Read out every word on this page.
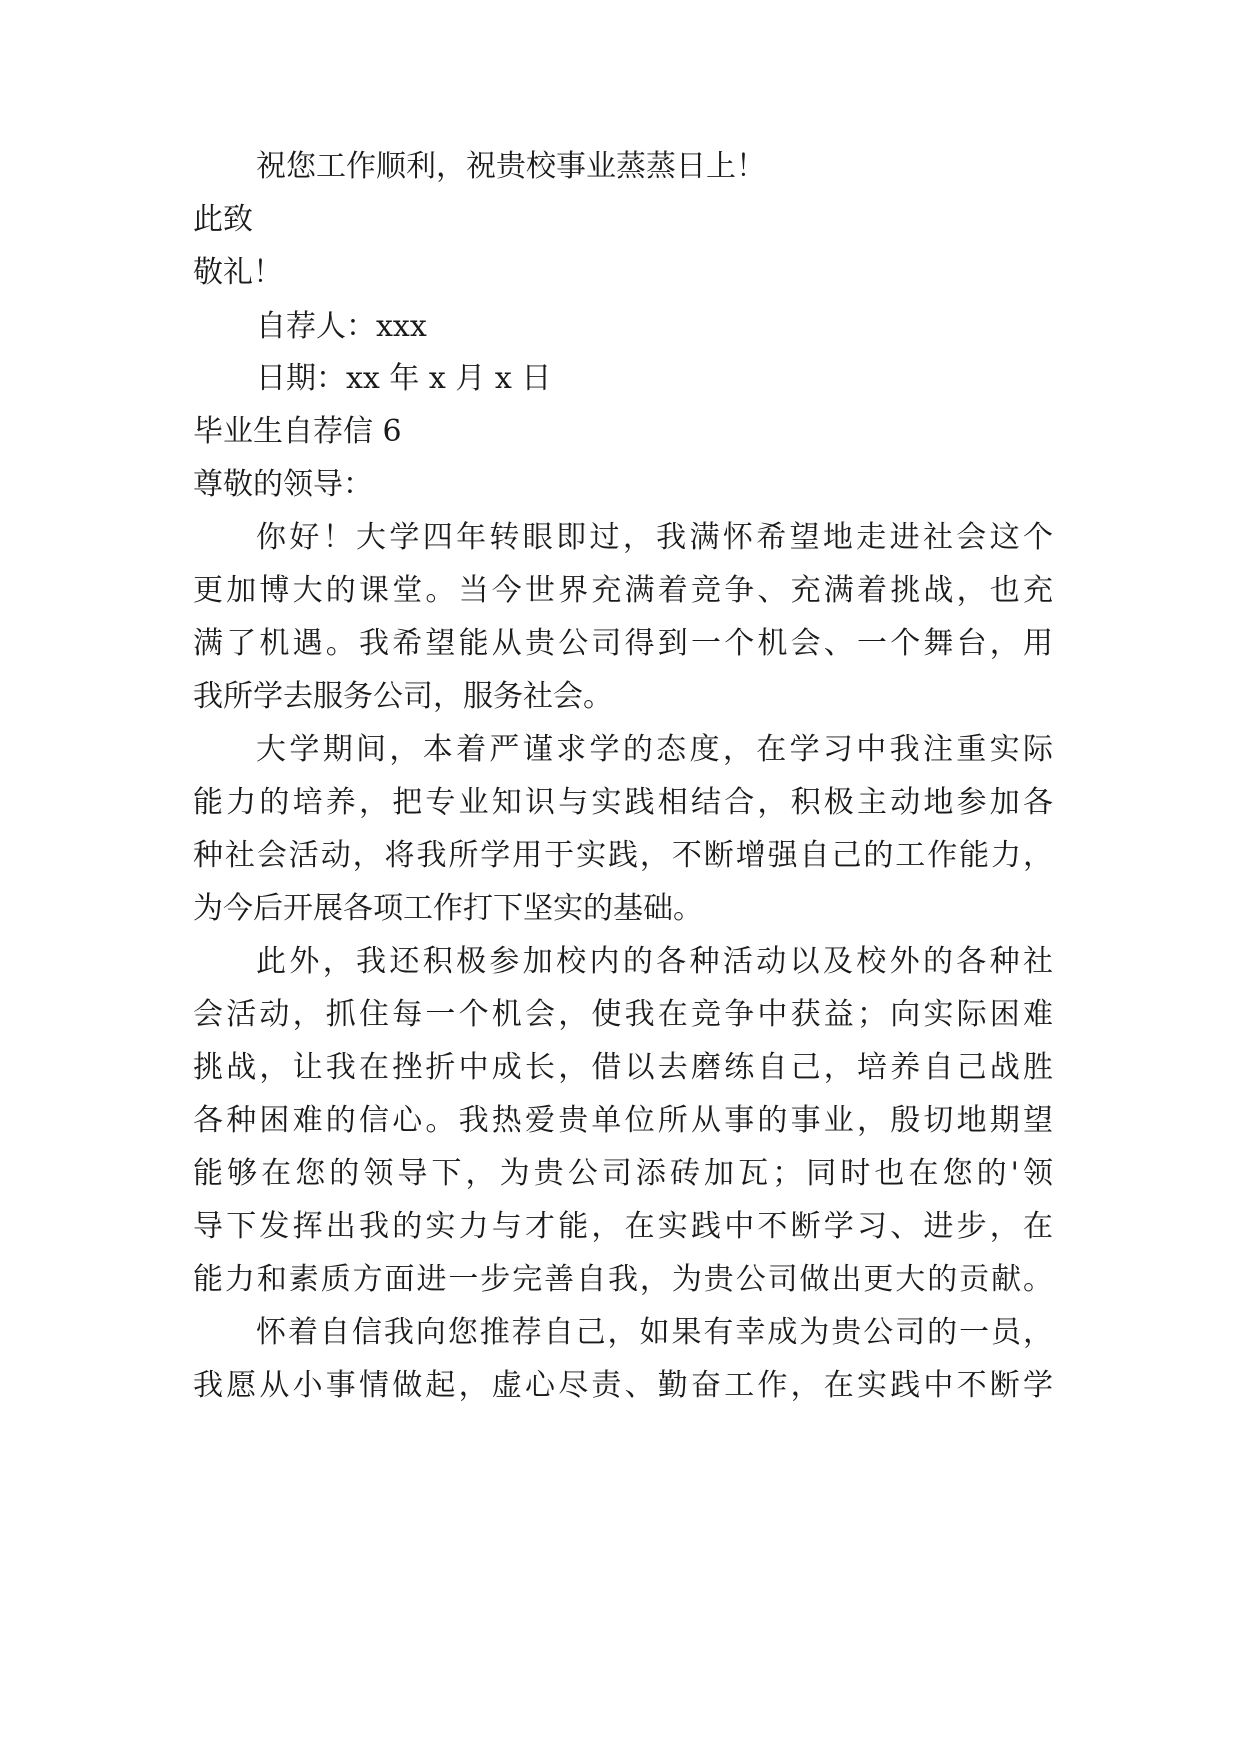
祝您工作顺利，祝贵校事业蒸蒸日上！

此致

敬礼！

自荐人：xxx

日期：xx 年 x 月 x 日

毕业生自荐信 6

尊敬的领导：

你好！大学四年转眼即过，我满怀希望地走进社会这个

更加博大的课堂。当今世界充满着竞争、充满着挑战，也充

满了机遇。我希望能从贵公司得到一个机会、一个舞台，用

我所学去服务公司，服务社会。

大学期间，本着严谨求学的态度，在学习中我注重实际

能力的培养，把专业知识与实践相结合，积极主动地参加各

种社会活动，将我所学用于实践，不断增强自己的工作能力，

为今后开展各项工作打下坚实的基础。

此外，我还积极参加校内的各种活动以及校外的各种社

会活动，抓住每一个机会，使我在竞争中获益；向实际困难

挑战，让我在挫折中成长，借以去磨练自己，培养自己战胜

各种困难的信心。我热爱贵单位所从事的事业，殷切地期望

能够在您的领导下，为贵公司添砖加瓦；同时也在您的'领

导下发挥出我的实力与才能，在实践中不断学习、进步，在

能力和素质方面进一步完善自我，为贵公司做出更大的贡献。

怀着自信我向您推荐自己，如果有幸成为贵公司的一员，

我愿从小事情做起，虚心尽责、勤奋工作，在实践中不断学
